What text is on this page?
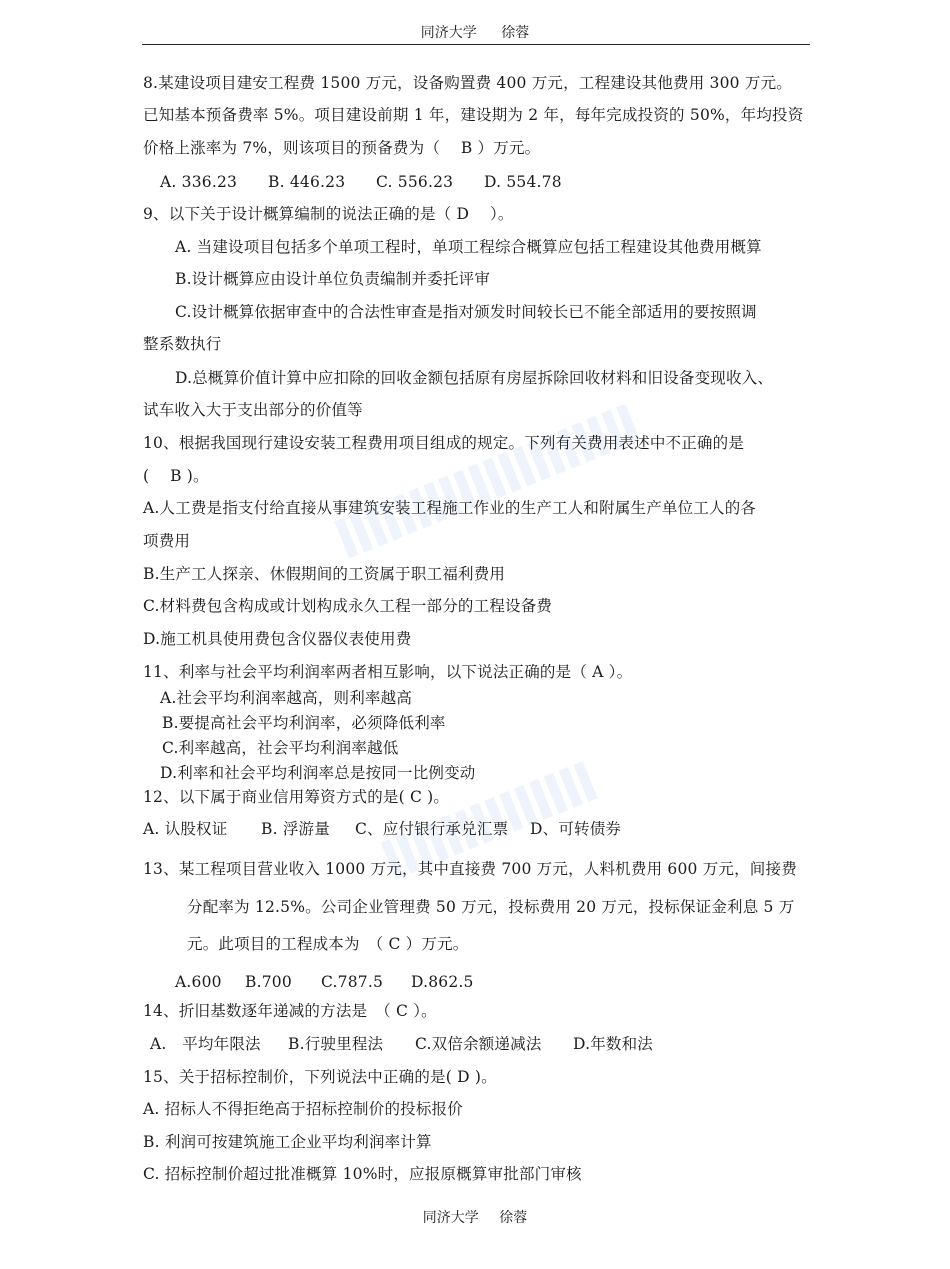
同济大学 徐蓉
8.某建设项目建安工程费 1500 万元，设备购置费 400 万元，工程建设其他费用 300 万元。
已知基本预备费率 5%。项目建设前期 1 年，建设期为 2 年，每年完成投资的 50%，年均投资
价格上涨率为 7%，则该项目的预备费为（　 B ）万元。
A. 336.23 B. 446.23 C. 556.23 D. 554.78
9、以下关于设计概算编制的说法正确的是（ D　 ）。
A. 当建设项目包括多个单项工程时，单项工程综合概算应包括工程建设其他费用概算
B.设计概算应由设计单位负责编制并委托评审
C.设计概算依据审查中的合法性审查是指对颁发时间较长已不能全部适用的要按照调
整系数执行
D.总概算价值计算中应扣除的回收金额包括原有房屋拆除回收材料和旧设备变现收入、
试车收入大于支出部分的价值等
10、根据我国现行建设安装工程费用项目组成的规定。下列有关费用表述中不正确的是
(　 B )。
A.人工费是指支付给直接从事建筑安装工程施工作业的生产工人和附属生产单位工人的各
项费用
B.生产工人探亲、休假期间的工资属于职工福利费用
C.材料费包含构成或计划构成永久工程一部分的工程设备费
D.施工机具使用费包含仪器仪表使用费
11、利率与社会平均利润率两者相互影响，以下说法正确的是（ A ）。
A.社会平均利润率越高，则利率越高
B.要提高社会平均利润率，必须降低利率
C.利率越高，社会平均利润率越低
D.利率和社会平均利润率总是按同一比例变动
12、以下属于商业信用筹资方式的是( C )。
A. 认股权证 B. 浮游量 C、应付银行承兑汇票 D、可转债券
13、某工程项目营业收入 1000 万元，其中直接费 700 万元，人料机费用 600 万元，间接费
分配率为 12.5%。公司企业管理费 50 万元，投标费用 20 万元，投标保证金利息 5 万
元。此项目的工程成本为　（ C ）万元。
A.600 B.700 C.787.5 D.862.5
14、折旧基数逐年递减的方法是　（ C ）。
A.　平均年限法 B.行驶里程法 C.双倍余额递减法 D.年数和法
15、关于招标控制价，下列说法中正确的是( D )。
A. 招标人不得拒绝高于招标控制价的投标报价
B. 利润可按建筑施工企业平均利润率计算
C. 招标控制价超过批准概算 10%时，应报原概算审批部门审核
同济大学 徐蓉
